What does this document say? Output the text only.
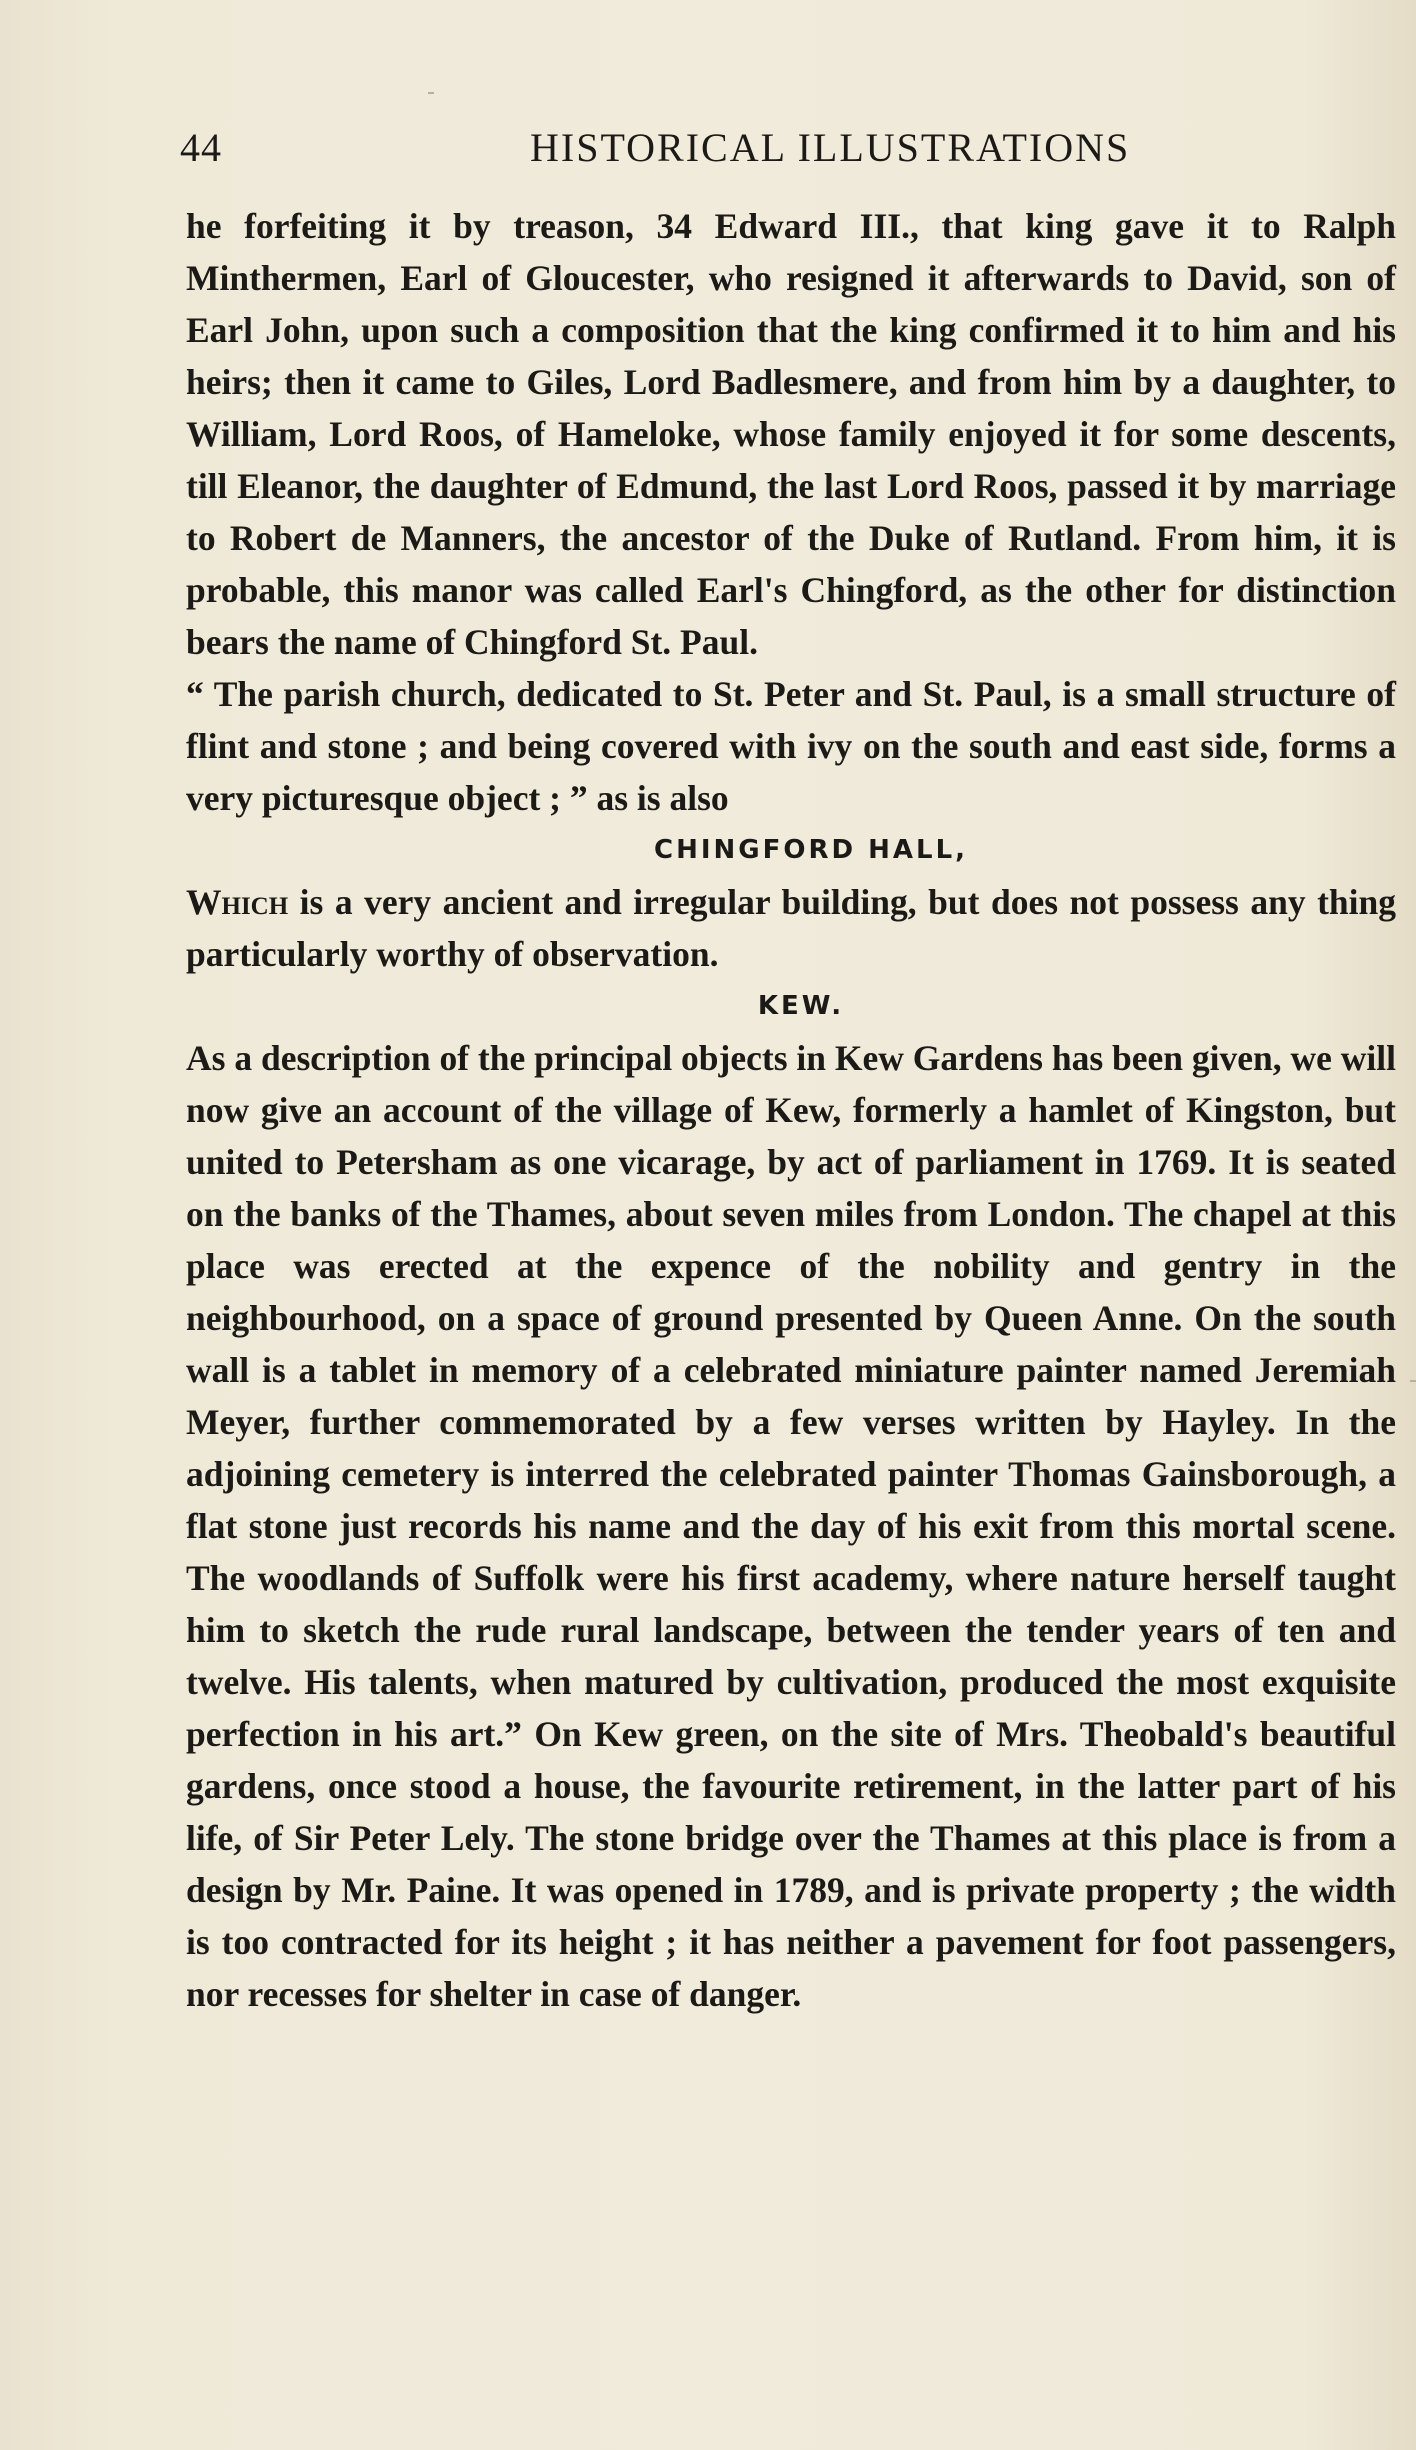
44	HISTORICAL ILLUSTRATIONS

he forfeiting it by treason, 34 Edward III., that king gave it to Ralph Minthermen, Earl of Gloucester, who resigned it afterwards to David, son of Earl John, upon such a composition that the king confirmed it to him and his heirs; then it came to Giles, Lord Badlesmere, and from him by a daughter, to William, Lord Roos, of Hameloke, whose family enjoyed it for some descents, till Eleanor, the daughter of Edmund, the last Lord Roos, passed it by marriage to Robert de Manners, the ancestor of the Duke of Rutland. From him, it is probable, this manor was called Earl's Chingford, as the other for distinction bears the name of Chingford St. Paul.

“ The parish church, dedicated to St. Peter and St. Paul, is a small structure of flint and stone ; and being covered with ivy on the south and east side, forms a very picturesque object ; ” as is also

CHINGFORD HALL,

Which is a very ancient and irregular building, but does not possess any thing particularly worthy of observation.

KEW.

As a description of the principal objects in Kew Gardens has been given, we will now give an account of the village of Kew, formerly a hamlet of Kingston, but united to Petersham as one vicarage, by act of parliament in 1769. It is seated on the banks of the Thames, about seven miles from London. The chapel at this place was erected at the expence of the nobility and gentry in the neighbourhood, on a space of ground presented by Queen Anne. On the south wall is a tablet in memory of a celebrated miniature painter named Jeremiah Meyer, further commemorated by a few verses written by Hayley. In the adjoining cemetery is interred the celebrated painter Thomas Gainsborough, a flat stone just records his name and the day of his exit from this mortal scene. The woodlands of Suffolk were his first academy, where nature herself taught him to sketch the rude rural landscape, between the tender years of ten and twelve. His talents, when matured by cultivation, produced the most exquisite perfection in his art.” On Kew green, on the site of Mrs. Theobald's beautiful gardens, once stood a house, the favourite retirement, in the latter part of his life, of Sir Peter Lely. The stone bridge over the Thames at this place is from a design by Mr. Paine. It was opened in 1789, and is private property ; the width is too contracted for its height ; it has neither a pavement for foot passengers, nor recesses for shelter in case of danger.
